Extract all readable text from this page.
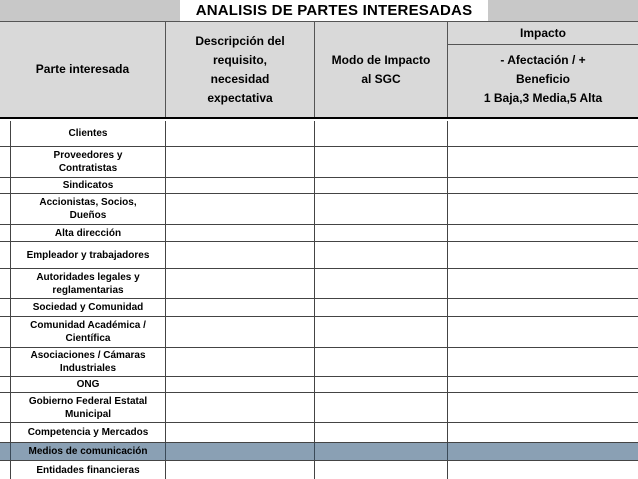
ANALISIS DE PARTES INTERESADAS
Parte interesada
Descripción del requisito, necesidad expectativa
Modo de Impacto al SGC
Impacto
- Afectación / +
Beneficio
1 Baja,3 Media,5 Alta
Clientes
Proveedores y Contratistas
Sindicatos
Accionistas, Socios, Dueños
Alta dirección
Empleador y trabajadores
Autoridades legales y reglamentarias
Sociedad y Comunidad
Comunidad Académica / Científica
Asociaciones / Cámaras Industriales
ONG
Gobierno Federal Estatal Municipal
Competencia y Mercados
Medios de comunicación
Entidades financieras
